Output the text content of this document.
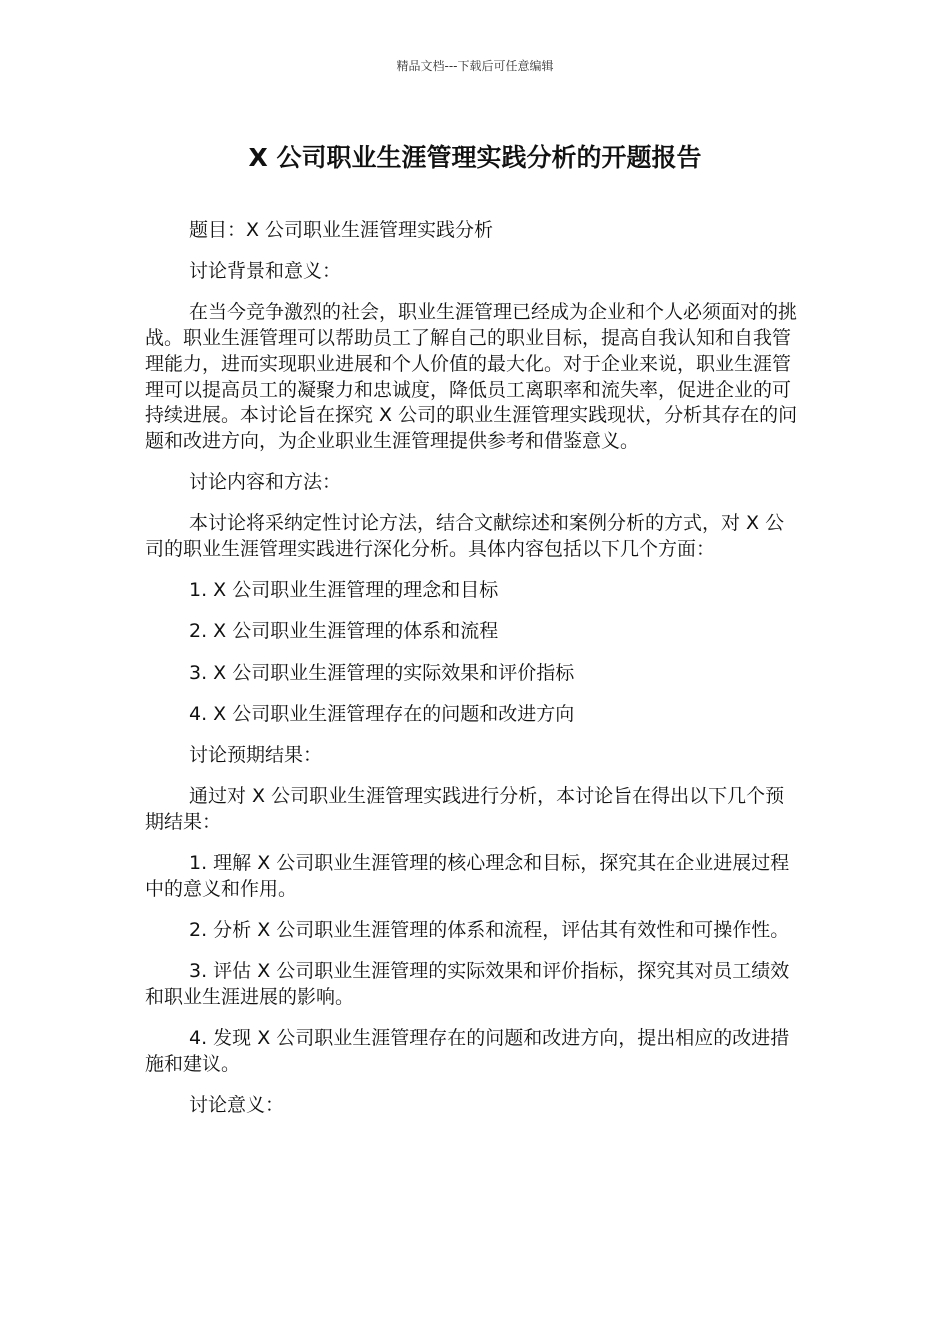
精品文档---下载后可任意编辑
X 公司职业生涯管理实践分析的开题报告

题目：X 公司职业生涯管理实践分析

讨论背景和意义：

在当今竞争激烈的社会，职业生涯管理已经成为企业和个人必须面对的挑战。职业生涯管理可以帮助员工了解自己的职业目标，提高自我认知和自我管理能力，进而实现职业进展和个人价值的最大化。对于企业来说，职业生涯管理可以提高员工的凝聚力和忠诚度，降低员工离职率和流失率，促进企业的可持续进展。本讨论旨在探究 X 公司的职业生涯管理实践现状，分析其存在的问题和改进方向，为企业职业生涯管理提供参考和借鉴意义。

讨论内容和方法：

本讨论将采纳定性讨论方法，结合文献综述和案例分析的方式，对 X 公司的职业生涯管理实践进行深化分析。具体内容包括以下几个方面：

1. X 公司职业生涯管理的理念和目标

2. X 公司职业生涯管理的体系和流程

3. X 公司职业生涯管理的实际效果和评价指标

4. X 公司职业生涯管理存在的问题和改进方向

讨论预期结果：

通过对 X 公司职业生涯管理实践进行分析，本讨论旨在得出以下几个预期结果：

1. 理解 X 公司职业生涯管理的核心理念和目标，探究其在企业进展过程中的意义和作用。

2. 分析 X 公司职业生涯管理的体系和流程，评估其有效性和可操作性。

3. 评估 X 公司职业生涯管理的实际效果和评价指标，探究其对员工绩效和职业生涯进展的影响。

4. 发现 X 公司职业生涯管理存在的问题和改进方向，提出相应的改进措施和建议。

讨论意义：
